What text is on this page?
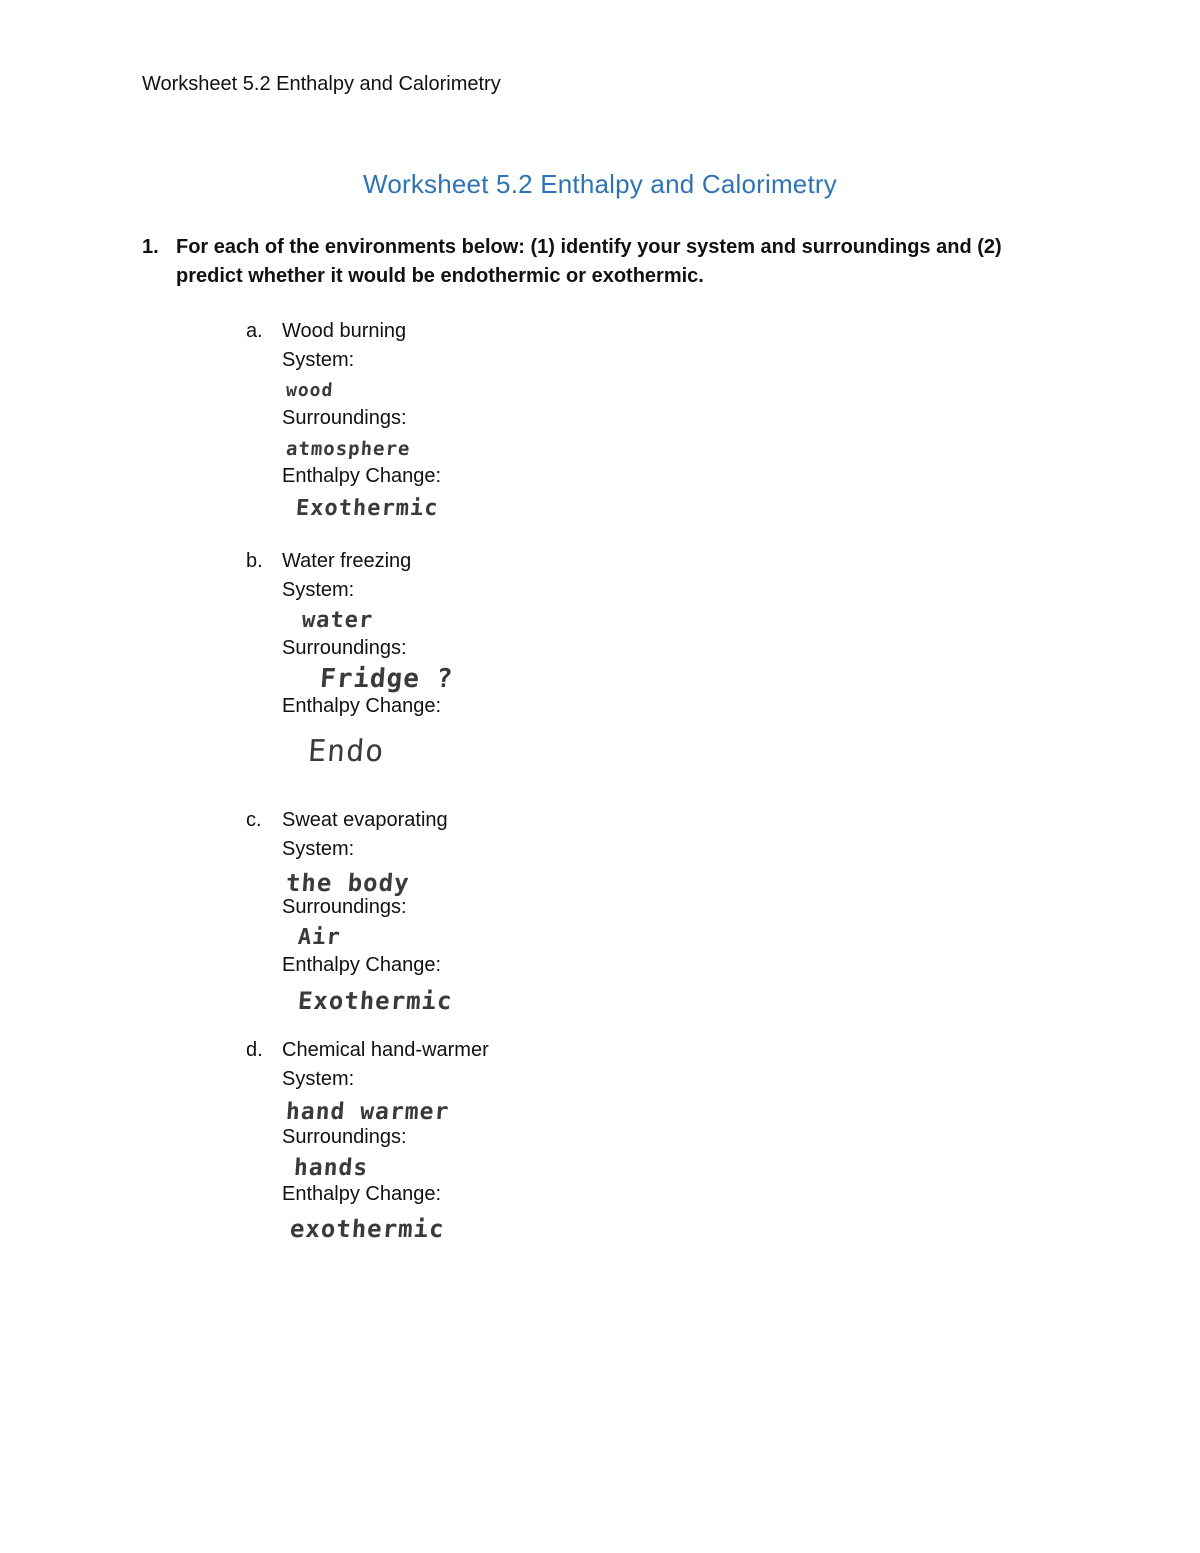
Worksheet 5.2 Enthalpy and Calorimetry
Worksheet 5.2 Enthalpy and Calorimetry
1. For each of the environments below: (1) identify your system and surroundings and (2) predict whether it would be endothermic or exothermic.
a. Wood burning
System:
wood
Surroundings:
atmosphere
Enthalpy Change:
Exothermic
b. Water freezing
System:
water
Surroundings:
Fridge ?
Enthalpy Change:
Endo
c. Sweat evaporating
System:
the body
Surroundings:
Air
Enthalpy Change:
Exothermic
d. Chemical hand-warmer
System:
hand warmer
Surroundings:
hands
Enthalpy Change:
exothermic
